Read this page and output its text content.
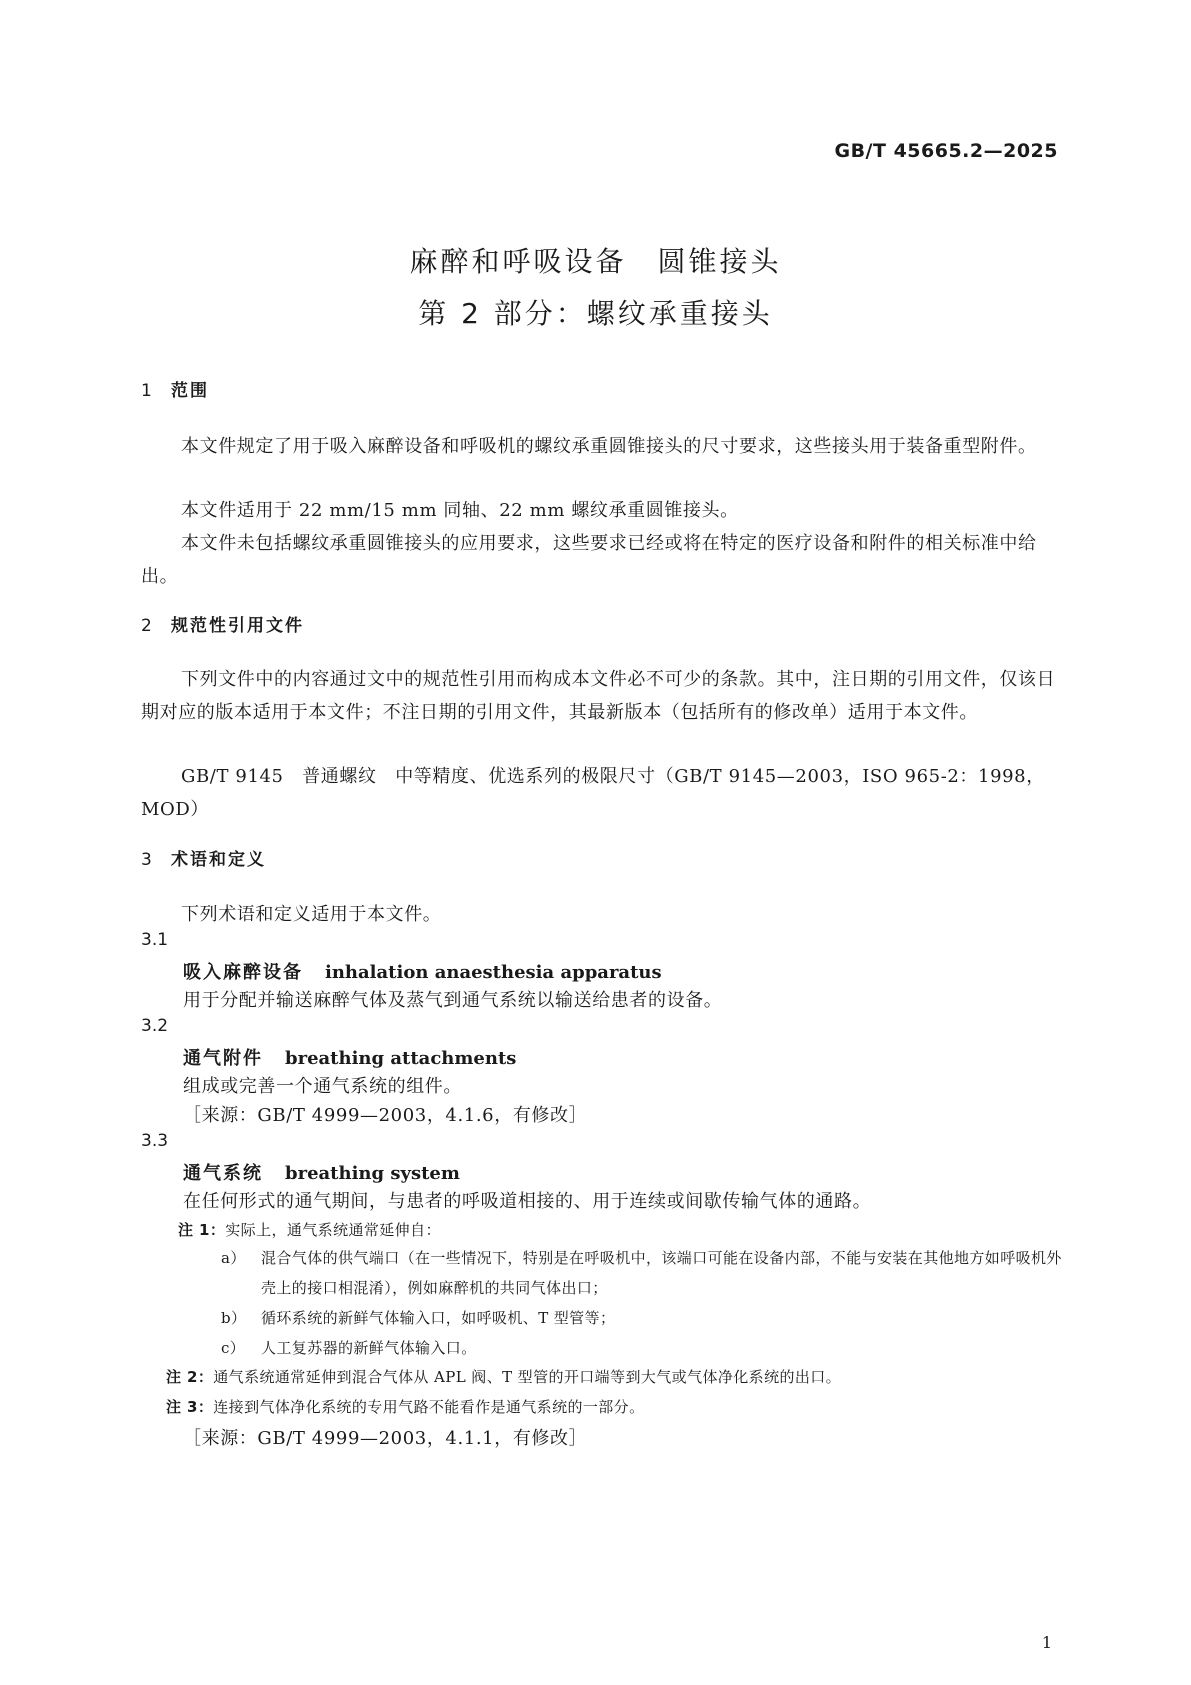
GB/T 45665.2—2025
麻醉和呼吸设备　圆锥接头
第 2 部分：螺纹承重接头
1 范围
本文件规定了用于吸入麻醉设备和呼吸机的螺纹承重圆锥接头的尺寸要求，这些接头用于装备重型附件。
本文件适用于 22 mm/15 mm 同轴、22 mm 螺纹承重圆锥接头。
本文件未包括螺纹承重圆锥接头的应用要求，这些要求已经或将在特定的医疗设备和附件的相关标准中给出。
2 规范性引用文件
下列文件中的内容通过文中的规范性引用而构成本文件必不可少的条款。其中，注日期的引用文件，仅该日期对应的版本适用于本文件；不注日期的引用文件，其最新版本（包括所有的修改单）适用于本文件。
GB/T 9145　普通螺纹　中等精度、优选系列的极限尺寸（GB/T 9145—2003，ISO 965-2：1998，MOD）
3 术语和定义
下列术语和定义适用于本文件。
3.1
吸入麻醉设备 inhalation anaesthesia apparatus
用于分配并输送麻醉气体及蒸气到通气系统以输送给患者的设备。
3.2
通气附件 breathing attachments
组成或完善一个通气系统的组件。
［来源：GB/T 4999—2003，4.1.6，有修改］
3.3
通气系统 breathing system
在任何形式的通气期间，与患者的呼吸道相接的、用于连续或间歇传输气体的通路。
注 1：实际上，通气系统通常延伸自：
a） 混合气体的供气端口（在一些情况下，特别是在呼吸机中，该端口可能在设备内部，不能与安装在其他地方如呼吸机外壳上的接口相混淆），例如麻醉机的共同气体出口；
b） 循环系统的新鲜气体输入口，如呼吸机、T 型管等；
c） 人工复苏器的新鲜气体输入口。
注 2：通气系统通常延伸到混合气体从 APL 阀、T 型管的开口端等到大气或气体净化系统的出口。
注 3：连接到气体净化系统的专用气路不能看作是通气系统的一部分。
［来源：GB/T 4999—2003，4.1.1，有修改］
1
